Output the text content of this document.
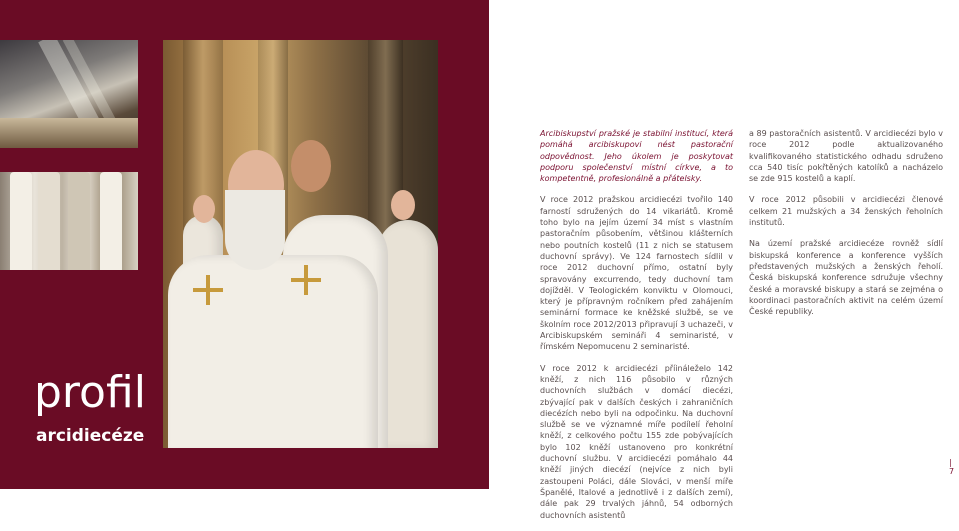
profil
arcidiecéze

Arcibiskupství pražské je stabilní institucí, která pomáhá arcibiskupovi nést pastorační odpovědnost. Jeho úkolem je poskytovat podporu společenství místní církve, a to kompetentně, profesionálně a přátelsky.

V roce 2012 pražskou arcidiecézi tvořilo 140 farností sdružených do 14 vikariátů. Kromě toho bylo na jejím území 34 míst s vlastním pastoračním působením, většinou klášterních nebo poutních kostelů (11 z nich se statusem duchovní správy). Ve 124 farnostech sídlil v roce 2012 duchovní přímo, ostatní byly spravovány excurrendo, tedy duchovní tam dojížděl. V Teologickém konviktu v Olomouci, který je přípravným ročníkem před zahájením seminární formace ke kněžské službě, se ve školním roce 2012/2013 připravují 3 uchazeči, v Arcibiskupském semináři 4 seminaristé, v římském Nepomucenu 2 seminaristé.

V roce 2012 k arcidiecézi příináleželo 142 kněží, z nich 116 působilo v různých duchovních službách v domácí diecézi, zbývající pak v dalších českých i zahraničních diecézích nebo byli na odpočinku. Na duchovní službě se ve významné míře podílelí řeholní kněží, z celkového počtu 155 zde pobývajících bylo 102 kněží ustanoveno pro konkrétní duchovní službu. V arcidiecézi pomáhalo 44 kněží jiných diecézí (nejvíce z nich byli zastoupeni Poláci, dále Slováci, v menší míře Španělé, Italové a jednotlivě i z dalších zemí), dále pak 29 trvalých jáhnů, 54 odborných duchovních asistentů

a 89 pastoračních asistentů. V arcidiecézi bylo v roce 2012 podle aktualizovaného kvalifikovaného statistického odhadu sdruženo cca 540 tisíc pokřtěných katolíků a nacházelo se zde 915 kostelů a kaplí.

V roce 2012 působili v arcidiecézi členové celkem 21 mužských a 34 ženských řeholních institutů.

Na území pražské arcidiecéze rovněž sídlí biskupská konference a konference vyšších představených mužských a ženských řeholí. Česká biskupská konference sdružuje všechny české a moravské biskupy a stará se zejména o koordinaci pastoračních aktivit na celém území České republiky.

| 7
